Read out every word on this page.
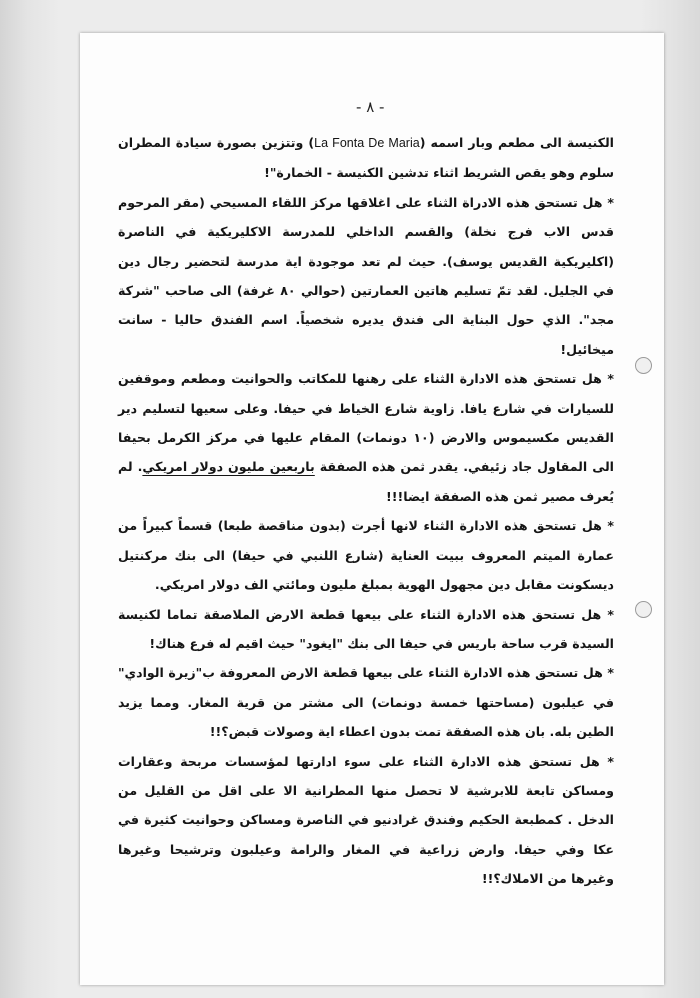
- ٨ -

الكنيسة الى مطعم وبار اسمه (La Fonta De Maria) وتتزين بصورة سيادة المطران سلوم وهو يقص الشريط اثناء تدشين الكنيسة - الخمارة"!

* هل تستحق هذه الادراة الثناء على اغلاقها مركز اللقاء المسيحي (مقر المرحوم قدس الاب فرج نخلة) والقسم الداخلي للمدرسة الاكليريكية في الناصرة (اكليريكية القديس يوسف). حيث لم تعد موجودة اية مدرسة لتحضير رجال دين في الجليل. لقد تمّ تسليم هاتين العمارتين (حوالي ٨٠ غرفة) الى صاحب "شركة مجد". الذي حول البناية الى فندق يديره شخصياً. اسم الفندق حاليا - سانت ميخائيل!

* هل تستحق هذه الادارة الثناء على رهنها للمكاتب والحوانيت ومطعم وموقفين للسيارات في شارع يافا. زاوية شارع الخياط في حيفا. وعلى سعيها لتسليم دير القديس مكسيموس والارض (١٠ دونمات) المقام عليها في مركز الكرمل بحيفا الى المقاول جاد زئيفي. يقدر ثمن هذه الصفقة باربعين مليون دولار امريكي. لم يُعرف مصير ثمن هذه الصفقة ايضا!!!

* هل تستحق هذه الادارة الثناء لانها أجرت (بدون مناقصة طبعا) قسماً كبيراً من عمارة الميتم المعروف ببيت العناية (شارع اللنبي في حيفا) الى بنك مركنتيل ديسكونت مقابل دين مجهول الهوية بمبلغ مليون ومائتي الف دولار امريكي.

* هل تستحق هذه الادارة الثناء على بيعها قطعة الارض الملاصقة تماما لكنيسة السيدة قرب ساحة باريس في حيفا الى بنك "ايغود" حيث اقيم له فرع هناك!

* هل تستحق هذه الادارة الثناء على بيعها قطعة الارض المعروفة ب"زيرة الوادي" في عيلبون (مساحتها خمسة دونمات) الى مشتر من قرية المغار. ومما يزيد الطين بله. بان هذه الصفقة تمت بدون اعطاء اية وصولات قبض؟!!

* هل تستحق هذه الادارة الثناء على سوء ادارتها لمؤسسات مربحة وعقارات ومساكن تابعة للابرشية لا تحصل منها المطرانية الا على اقل من القليل من الدخل . كمطبعة الحكيم وفندق غرادنيو في الناصرة ومساكن وحوانيت كثيرة في عكا وفي حيفا. وارض زراعية في المغار والرامة وعيلبون وترشيحا وغيرها وغيرها من الاملاك؟!!
